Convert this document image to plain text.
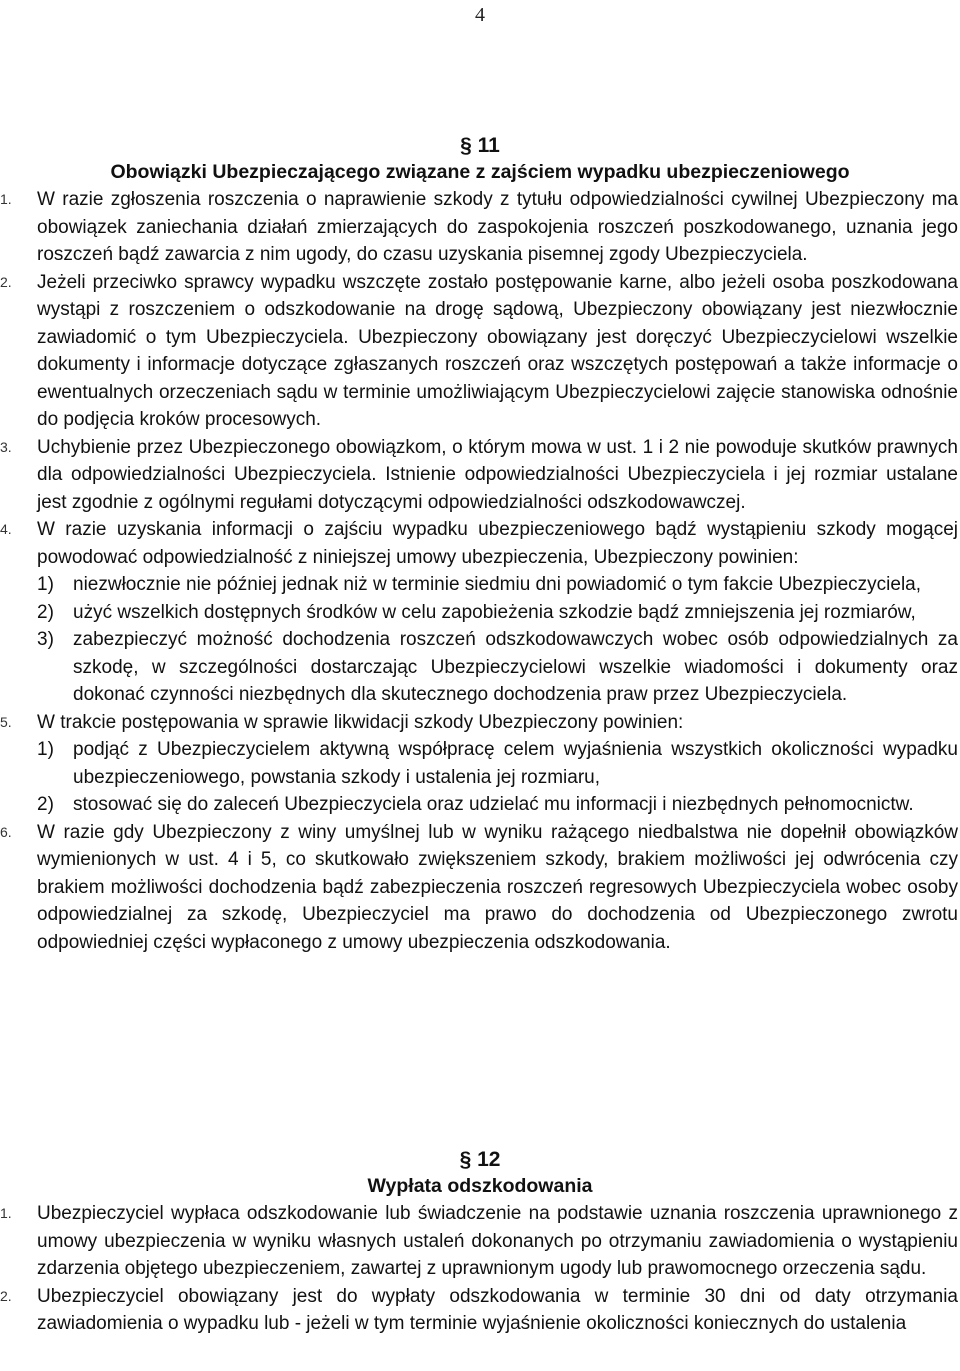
4
§ 11
Obowiązki Ubezpieczającego związane z zajściem wypadku ubezpieczeniowego
1. W razie zgłoszenia roszczenia o naprawienie szkody z tytułu odpowiedzialności cywilnej Ubezpieczony ma obowiązek zaniechania działań zmierzających do zaspokojenia roszczeń poszkodowanego, uznania jego roszczeń bądź zawarcia z nim ugody, do czasu uzyskania pisemnej zgody Ubezpieczyciela.
2. Jeżeli przeciwko sprawcy wypadku wszczęte zostało postępowanie karne, albo jeżeli osoba poszkodowana wystąpi z roszczeniem o odszkodowanie na drogę sądową, Ubezpieczony obowiązany jest niezwłocznie zawiadomić o tym Ubezpieczyciela. Ubezpieczony obowiązany jest doręczyć Ubezpieczycielowi wszelkie dokumenty i informacje dotyczące zgłaszanych roszczeń oraz wszczętych postępowań a także informacje o ewentualnych orzeczeniach sądu w terminie umożliwiającym Ubezpieczycielowi zajęcie stanowiska odnośnie do podjęcia kroków procesowych.
3. Uchybienie przez Ubezpieczonego obowiązkom, o którym mowa w ust. 1 i 2 nie powoduje skutków prawnych dla odpowiedzialności Ubezpieczyciela. Istnienie odpowiedzialności Ubezpieczyciela i jej rozmiar ustalane jest zgodnie z ogólnymi regułami dotyczącymi odpowiedzialności odszkodowawczej.
4. W razie uzyskania informacji o zajściu wypadku ubezpieczeniowego bądź wystąpieniu szkody mogącej powodować odpowiedzialność z niniejszej umowy ubezpieczenia, Ubezpieczony powinien:
1) niezwłocznie nie później jednak niż w terminie siedmiu dni powiadomić o tym fakcie Ubezpieczyciela,
2) użyć wszelkich dostępnych środków w celu zapobieżenia szkodzie bądź zmniejszenia jej rozmiarów,
3) zabezpieczyć możność dochodzenia roszczeń odszkodowawczych wobec osób odpowiedzialnych za szkodę, w szczególności dostarczając Ubezpieczycielowi wszelkie wiadomości i dokumenty oraz dokonać czynności niezbędnych dla skutecznego dochodzenia praw przez Ubezpieczyciela.
5. W trakcie postępowania w sprawie likwidacji szkody Ubezpieczony powinien:
1) podjąć z Ubezpieczycielem aktywną współpracę celem wyjaśnienia wszystkich okoliczności wypadku ubezpieczeniowego, powstania szkody i ustalenia jej rozmiaru,
2) stosować się do zaleceń Ubezpieczyciela oraz udzielać mu informacji i niezbędnych pełnomocnictw.
6. W razie gdy Ubezpieczony z winy umyślnej lub w wyniku rażącego niedbalstwa nie dopełnił obowiązków wymienionych w ust. 4 i 5, co skutkowało zwiększeniem szkody, brakiem możliwości jej odwrócenia czy brakiem możliwości dochodzenia bądź zabezpieczenia roszczeń regresowych Ubezpieczyciela wobec osoby odpowiedzialnej za szkodę, Ubezpieczyciel ma prawo do dochodzenia od Ubezpieczonego zwrotu odpowiedniej części wypłaconego z umowy ubezpieczenia odszkodowania.
§ 12
Wypłata odszkodowania
1. Ubezpieczyciel wypłaca odszkodowanie lub świadczenie na podstawie uznania roszczenia uprawnionego z umowy ubezpieczenia w wyniku własnych ustaleń dokonanych po otrzymaniu zawiadomienia o wystąpieniu zdarzenia objętego ubezpieczeniem, zawartej z uprawnionym ugody lub prawomocnego orzeczenia sądu.
2. Ubezpieczyciel obowiązany jest do wypłaty odszkodowania w terminie 30 dni od daty otrzymania zawiadomienia o wypadku lub - jeżeli w tym terminie wyjaśnienie okoliczności koniecznych do ustalenia
